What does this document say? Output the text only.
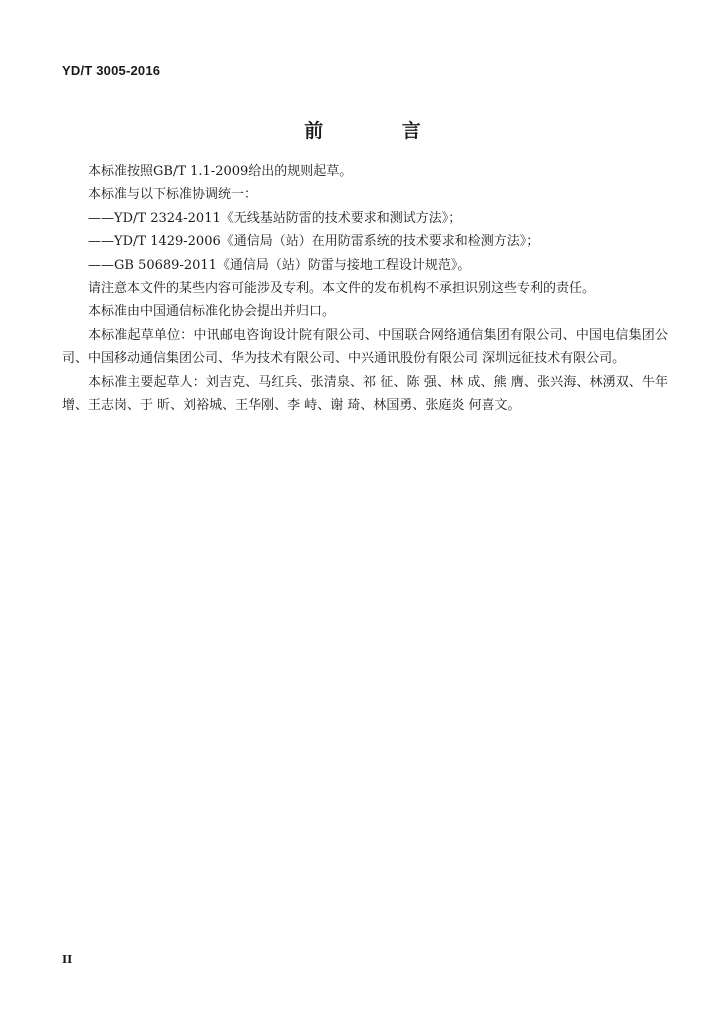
YD/T 3005-2016
前 言

本标准按照GB/T 1.1-2009给出的规则起草。

本标准与以下标准协调统一：

——YD/T 2324-2011《无线基站防雷的技术要求和测试方法》；

——YD/T 1429-2006《通信局（站）在用防雷系统的技术要求和检测方法》；

——GB 50689-2011《通信局（站）防雷与接地工程设计规范》。

请注意本文件的某些内容可能涉及专利。本文件的发布机构不承担识别这些专利的责任。

本标准由中国通信标准化协会提出并归口。

本标准起草单位：中讯邮电咨询设计院有限公司、中国联合网络通信集团有限公司、中国电信集团公司、中国移动通信集团公司、华为技术有限公司、中兴通讯股份有限公司 深圳远征技术有限公司。

本标准主要起草人：刘吉克、马红兵、张清泉、祁 征、陈 强、林 成、熊 膺、张兴海、林湧双、牛年增、王志岗、于 昕、刘裕城、王华刚、李 峙、谢 琦、林国勇、张庭炎 何喜文。

II
